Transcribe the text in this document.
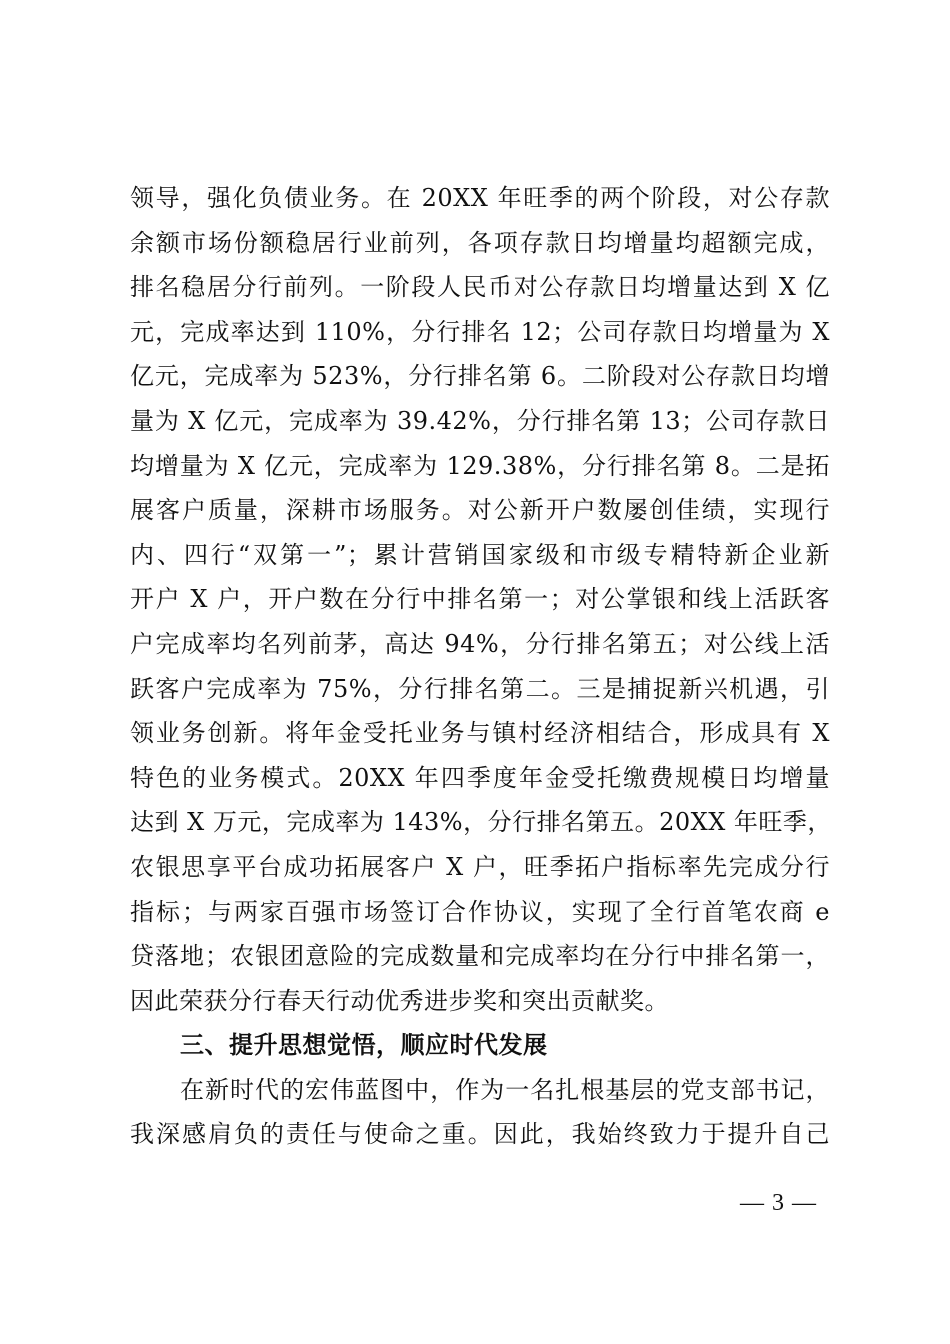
领导，强化负债业务。在 20XX 年旺季的两个阶段，对公存款
余额市场份额稳居行业前列，各项存款日均增量均超额完成，
排名稳居分行前列。一阶段人民币对公存款日均增量达到 X 亿
元，完成率达到 110%，分行排名 12；公司存款日均增量为 X
亿元，完成率为 523%，分行排名第 6。二阶段对公存款日均增
量为 X 亿元，完成率为 39.42%，分行排名第 13；公司存款日
均增量为 X 亿元，完成率为 129.38%，分行排名第 8。二是拓
展客户质量，深耕市场服务。对公新开户数屡创佳绩，实现行
内、四行“双第一”；累计营销国家级和市级专精特新企业新
开户 X 户，开户数在分行中排名第一；对公掌银和线上活跃客
户完成率均名列前茅，高达 94%，分行排名第五；对公线上活
跃客户完成率为 75%，分行排名第二。三是捕捉新兴机遇，引
领业务创新。将年金受托业务与镇村经济相结合，形成具有 X
特色的业务模式。20XX 年四季度年金受托缴费规模日均增量
达到 X 万元，完成率为 143%，分行排名第五。20XX 年旺季，
农银思享平台成功拓展客户 X 户，旺季拓户指标率先完成分行
指标；与两家百强市场签订合作协议，实现了全行首笔农商 e
贷落地；农银团意险的完成数量和完成率均在分行中排名第一，
因此荣获分行春天行动优秀进步奖和突出贡献奖。
三、提升思想觉悟，顺应时代发展
在新时代的宏伟蓝图中，作为一名扎根基层的党支部书记，
我深感肩负的责任与使命之重。因此，我始终致力于提升自己
— 3 —
